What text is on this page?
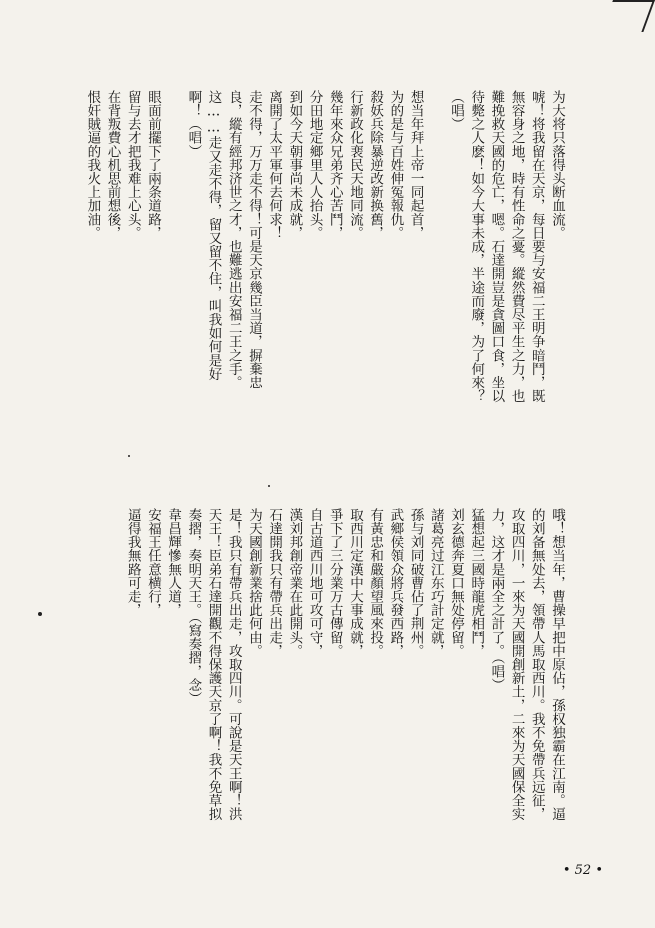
为大将只落得头断血流。
唬！将我留在天京，每日要与安福二王明争暗鬥，既
無容身之地，時有性命之憂。縱然費尽平生之力，也
難挽救天國的危亡，嗯。石達開豈是貪圖口食，坐以
待斃之人麽！如今大事未成，半途而廢，为了何來？
（唱）

想当年拜上帝一同起首，
为的是与百姓伸冤報仇。
殺妖兵除暴逆改新换舊，
行新政化裵民天地同流。
幾年來众兄弟齐心苦鬥，
分田地定鄉里人人抬头。
到如今天朝事尚未成就，
离開了太平軍何去何求！
走不得，万万走不得！可是天京幾臣当道，摒棄忠
良，縱有經邦济世之才，也難逃出安福二王之手。
这……走又走不得，留又留不住，叫我如何是好
啊！（唱）

眼面前擺下了兩条道路，
留与去才把我难上心头。
在背叛費心机思前想後，
恨奸賊逼的我火上加油。
哦！想当年，曹操早把中原佔，孫权独霸在江南。逼
的刘备無处去，領帶人馬取西川。我不免帶兵远征，
攻取四川，一來为天國開創新土，二來为天國保全实
力，这才是兩全之計了。（唱）
猛想起三國時龍虎相鬥，
刘玄德奔夏口無处停留。
諸葛亮过江东巧計定就，
孫与刘同破曹佔了荆州。
武鄉侯領众將兵發西路，
有黃忠和嚴顏望風來投。
取西川定漢中大事成就，
爭下了三分業万古傳留。
自古道西川地可攻可守，
漢刘邦創帝業在此開头。
石達開我只有帶兵出走，
为天國創新業捨此何由。
是！我只有帶兵出走，攻取四川。可說是天王啊！洪
天王！臣弟石達開觀不得保護天京了啊！我不免草拟
奏摺，奏明天王。（寫奏摺，念）
韋昌輝慘無人道，
安福王任意横行，
逼得我無路可走，
• 52 •
